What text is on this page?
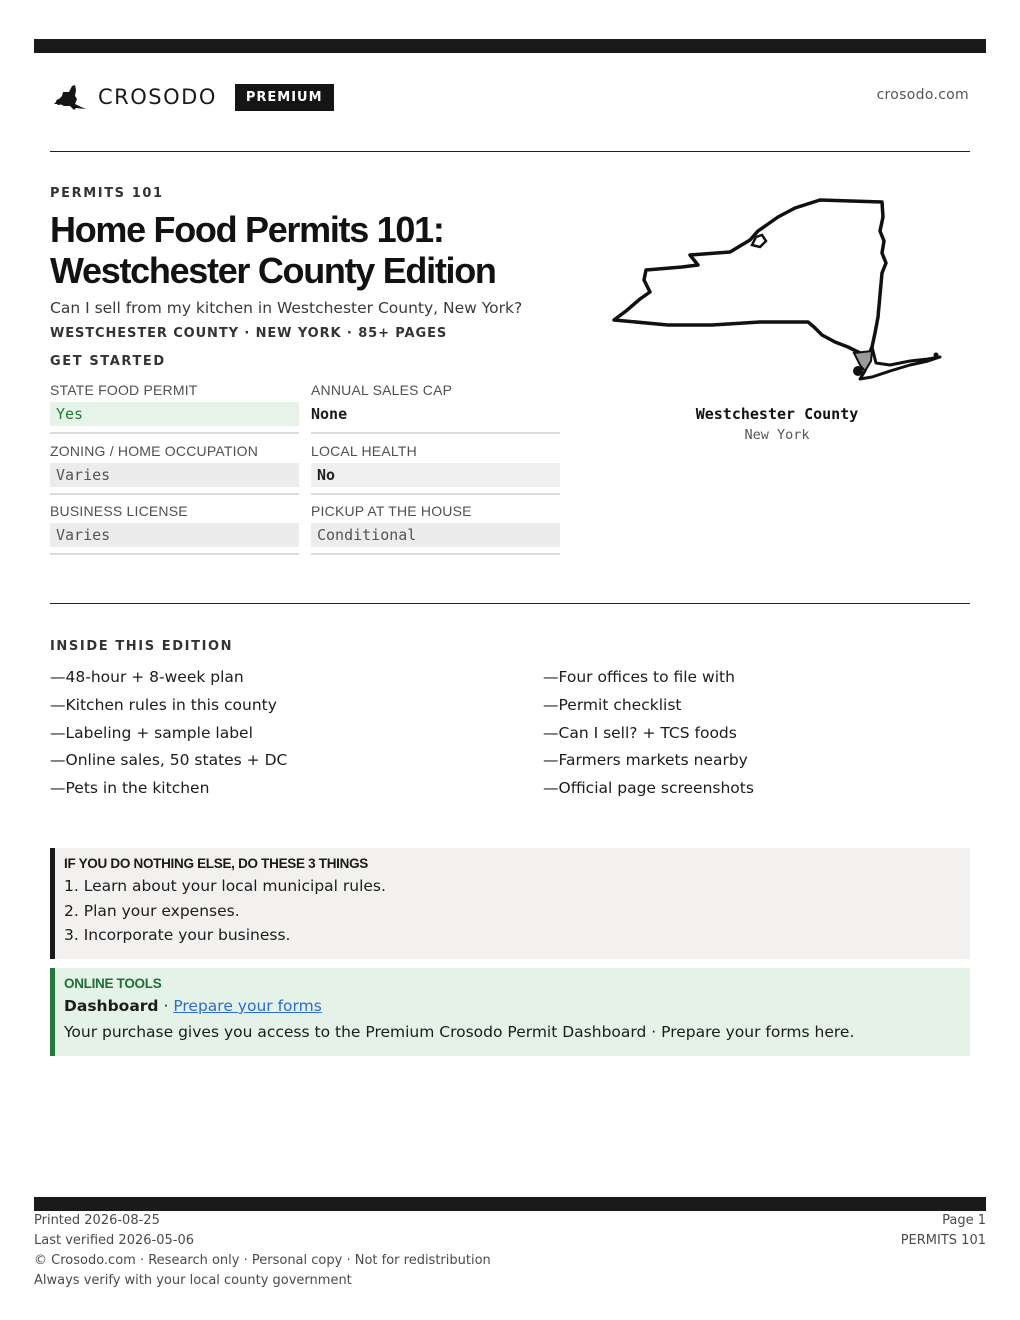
CROSODO	PREMIUM	crosodo.com
PERMITS 101
Home Food Permits 101:
Westchester County Edition
Can I sell from my kitchen in Westchester County, New York?
WESTCHESTER COUNTY · NEW YORK · 85+ PAGES
GET STARTED
STATE FOOD PERMIT
Yes
ANNUAL SALES CAP
None
ZONING / HOME OCCUPATION
Varies
LOCAL HEALTH
No
BUSINESS LICENSE
Varies
PICKUP AT THE HOUSE
Conditional
Westchester County
New York
INSIDE THIS EDITION
—48-hour + 8-week plan
—Kitchen rules in this county
—Labeling + sample label
—Online sales, 50 states + DC
—Pets in the kitchen
—Four offices to file with
—Permit checklist
—Can I sell? + TCS foods
—Farmers markets nearby
—Official page screenshots
IF YOU DO NOTHING ELSE, DO THESE 3 THINGS
1. Learn about your local municipal rules.
2. Plan your expenses.
3. Incorporate your business.
ONLINE TOOLS
Dashboard · Prepare your forms
Your purchase gives you access to the Premium Crosodo Permit Dashboard · Prepare your forms here.
Printed 2026-08-25
Last verified 2026-05-06
© Crosodo.com · Research only · Personal copy · Not for redistribution
Always verify with your local county government
Page 1
PERMITS 101
